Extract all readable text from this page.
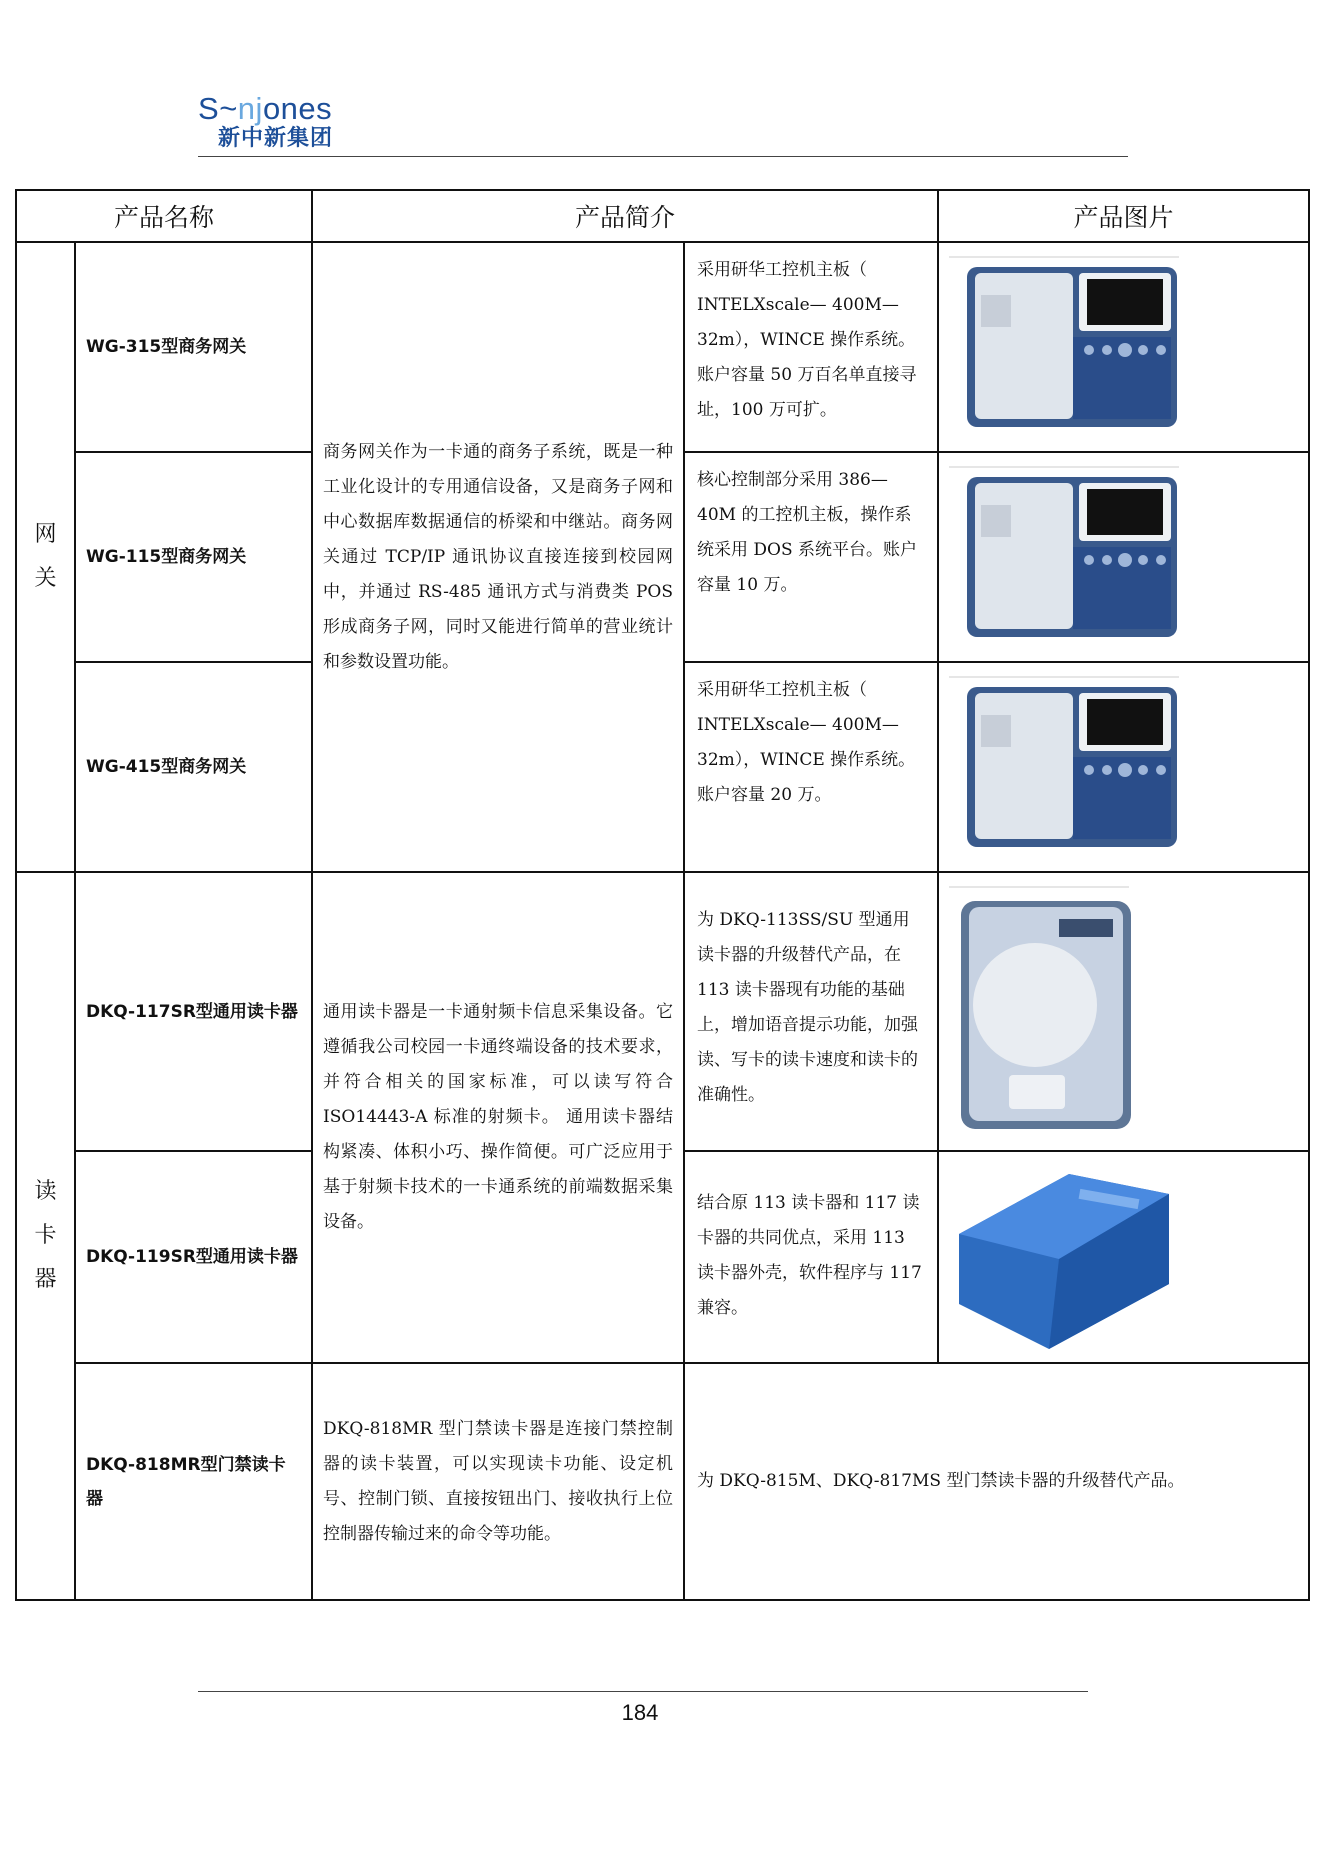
S~njones
新中新集团
产品名称		产品简介		产品图片

网
关	WG-315型商务网关	商务网关作为一卡通的商务子系统，既是一种工业化设计的专用通信设备，又是商务子网和中心数据库数据通信的桥梁和中继站。商务网关通过 TCP/IP 通讯协议直接连接到校园网中，并通过 RS-485 通讯方式与消费类 POS 形成商务子网，同时又能进行简单的营业统计和参数设置功能。	采用研华工控机主板（ INTELXscale— 400M—32m），WINCE 操作系统。账户容量 50 万百名单直接寻址，100 万可扩。

	WG-115型商务网关		核心控制部分采用 386—40M 的工控机主板，操作系统采用 DOS 系统平台。账户容量 10 万。

	WG-415型商务网关		采用研华工控机主板（ INTELXscale— 400M—32m），WINCE 操作系统。账户容量 20 万。

读
卡
器	DKQ-117SR型通用读卡器	通用读卡器是一卡通射频卡信息采集设备。它遵循我公司校园一卡通终端设备的技术要求，并符合相关的国家标准，可以读写符合 ISO14443-A 标准的射频卡。 通用读卡器结构紧凑、体积小巧、操作简便。可广泛应用于基于射频卡技术的一卡通系统的前端数据采集设备。	为 DKQ-113SS/SU 型通用读卡器的升级替代产品，在 113 读卡器现有功能的基础上，增加语音提示功能，加强读、写卡的读卡速度和读卡的准确性。

	DKQ-119SR型通用读卡器		结合原 113 读卡器和 117 读卡器的共同优点，采用 113 读卡器外壳，软件程序与 117 兼容。

	DKQ-818MR型门禁读卡器	DKQ-818MR 型门禁读卡器是连接门禁控制器的读卡装置，可以实现读卡功能、设定机号、控制门锁、直接按钮出门、接收执行上位控制器传输过来的命令等功能。	为 DKQ-815M、DKQ-817MS 型门禁读卡器的升级替代产品。	
184
